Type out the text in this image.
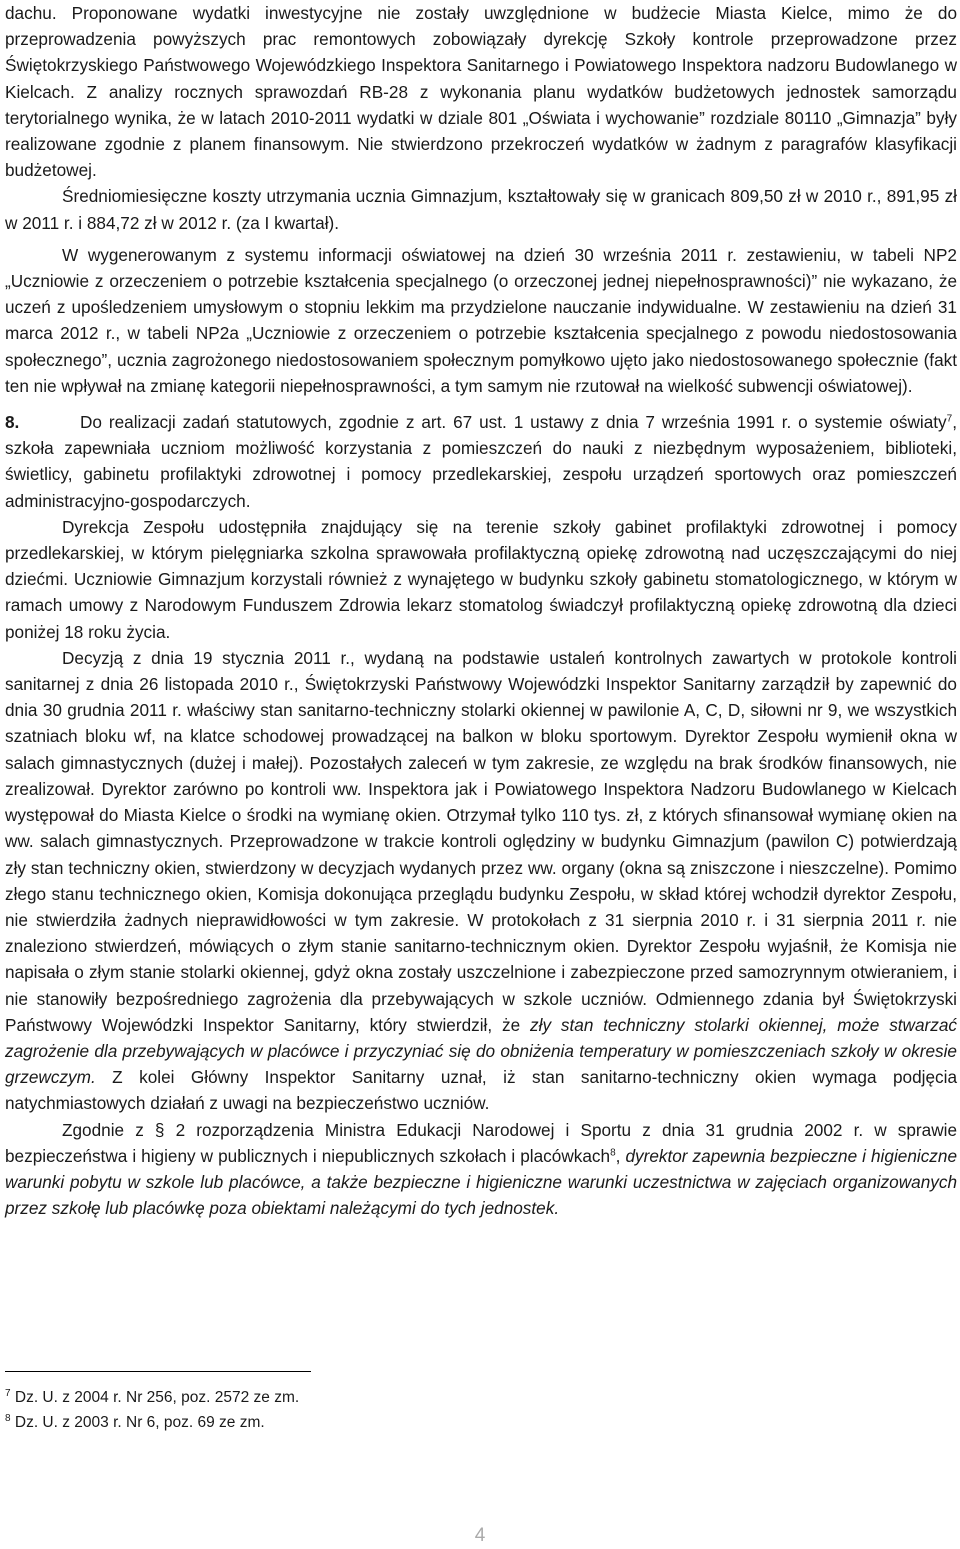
dachu. Proponowane wydatki inwestycyjne nie zostały uwzględnione w budżecie Miasta Kielce, mimo że do przeprowadzenia powyższych prac remontowych zobowiązały dyrekcję Szkoły kontrole przeprowadzone przez Świętokrzyskiego Państwowego Wojewódzkiego Inspektora Sanitarnego i Powiatowego Inspektora nadzoru Budowlanego w Kielcach. Z analizy rocznych sprawozdań RB-28 z wykonania planu wydatków budżetowych jednostek samorządu terytorialnego wynika, że w latach 2010-2011 wydatki w dziale 801 „Oświata i wychowanie” rozdziale 80110 „Gimnazja” były realizowane zgodnie z planem finansowym. Nie stwierdzono przekroczeń wydatków w żadnym z paragrafów klasyfikacji budżetowej.

Średniomiesięczne koszty utrzymania ucznia Gimnazjum, kształtowały się w granicach 809,50 zł w 2010 r., 891,95 zł w 2011 r. i 884,72 zł w 2012 r. (za I kwartał).

W wygenerowanym z systemu informacji oświatowej na dzień 30 września 2011 r. zestawieniu, w tabeli NP2 „Uczniowie z orzeczeniem o potrzebie kształcenia specjalnego (o orzeczonej jednej niepełnosprawności)” nie wykazano, że uczeń z upośledzeniem umysłowym o stopniu lekkim ma przydzielone nauczanie indywidualne. W zestawieniu na dzień 31 marca 2012 r., w tabeli NP2a „Uczniowie z orzeczeniem o potrzebie kształcenia specjalnego z powodu niedostosowania społecznego”, ucznia zagrożonego niedostosowaniem społecznym pomyłkowo ujęto jako niedostosowanego społecznie (fakt ten nie wpływał na zmianę kategorii niepełnosprawności, a tym samym nie rzutował na wielkość subwencji oświatowej).

8.	Do realizacji zadań statutowych, zgodnie z art. 67 ust. 1 ustawy z dnia 7 września 1991 r. o systemie oświaty$^7$, szkoła zapewniała uczniom możliwość korzystania z pomieszczeń do nauki z niezbędnym wyposażeniem, biblioteki, świetlicy, gabinetu profilaktyki zdrowotnej i pomocy przedlekarskiej, zespołu urządzeń sportowych oraz pomieszczeń administracyjno-gospodarczych.

Dyrekcja Zespołu udostępniła znajdujący się na terenie szkoły gabinet profilaktyki zdrowotnej i pomocy przedlekarskiej, w którym pielęgniarka szkolna sprawowała profilaktyczną opiekę zdrowotną nad uczęszczającymi do niej dziećmi. Uczniowie Gimnazjum korzystali również z wynajętego w budynku szkoły gabinetu stomatologicznego, w którym w ramach umowy z Narodowym Funduszem Zdrowia lekarz stomatolog świadczył profilaktyczną opiekę zdrowotną dla dzieci poniżej 18 roku życia.

Decyzją z dnia 19 stycznia 2011 r., wydaną na podstawie ustaleń kontrolnych zawartych w protokole kontroli sanitarnej z dnia 26 listopada 2010 r., Świętokrzyski Państwowy Wojewódzki Inspektor Sanitarny zarządził by zapewnić do dnia 30 grudnia 2011 r. właściwy stan sanitarno-techniczny stolarki okiennej w pawilonie A, C, D, siłowni nr 9, we wszystkich szatniach bloku wf, na klatce schodowej prowadzącej na balkon w bloku sportowym. Dyrektor Zespołu wymienił okna w salach gimnastycznych (dużej i małej). Pozostałych zaleceń w tym zakresie, ze względu na brak środków finansowych, nie zrealizował. Dyrektor zarówno po kontroli ww. Inspektora jak i Powiatowego Inspektora Nadzoru Budowlanego w Kielcach występował do Miasta Kielce o środki na wymianę okien. Otrzymał tylko 110 tys. zł, z których sfinansował wymianę okien na ww. salach gimnastycznych. Przeprowadzone w trakcie kontroli oględziny w budynku Gimnazjum (pawilon C) potwierdzają zły stan techniczny okien, stwierdzony w decyzjach wydanych przez ww. organy (okna są zniszczone i nieszczelne). Pomimo złego stanu technicznego okien, Komisja dokonująca przeglądu budynku Zespołu, w skład której wchodził dyrektor Zespołu, nie stwierdziła żadnych nieprawidłowości w tym zakresie. W protokołach z 31 sierpnia 2010 r. i 31 sierpnia 2011 r. nie znaleziono stwierdzeń, mówiących o złym stanie sanitarno-technicznym okien. Dyrektor Zespołu wyjaśnił, że Komisja nie napisała o złym stanie stolarki okiennej, gdyż okna zostały uszczelnione i zabezpieczone przed samozrynnym otwieraniem, i nie stanowiły bezpośredniego zagrożenia dla przebywających w szkole uczniów. Odmiennego zdania był Świętokrzyski Państwowy Wojewódzki Inspektor Sanitarny, który stwierdził, że zły stan techniczny stolarki okiennej, może stwarzać zagrożenie dla przebywających w placówce i przyczyniać się do obniżenia temperatury w pomieszczeniach szkoły w okresie grzewczym. Z kolei Główny Inspektor Sanitarny uznał, iż stan sanitarno-techniczny okien wymaga podjęcia natychmiastowych działań z uwagi na bezpieczeństwo uczniów.

Zgodnie z § 2 rozporządzenia Ministra Edukacji Narodowej i Sportu z dnia 31 grudnia 2002 r. w sprawie bezpieczeństwa i higieny w publicznych i niepublicznych szkołach i placówkach$^8$, dyrektor zapewnia bezpieczne i higieniczne warunki pobytu w szkole lub placówce, a także bezpieczne i higieniczne warunki uczestnictwa w zajęciach organizowanych przez szkołę lub placówkę poza obiektami należącymi do tych jednostek.

$^7$ Dz. U. z 2004 r. Nr 256, poz. 2572 ze zm.

$^8$ Dz. U. z 2003 r. Nr 6, poz. 69 ze zm.

4
